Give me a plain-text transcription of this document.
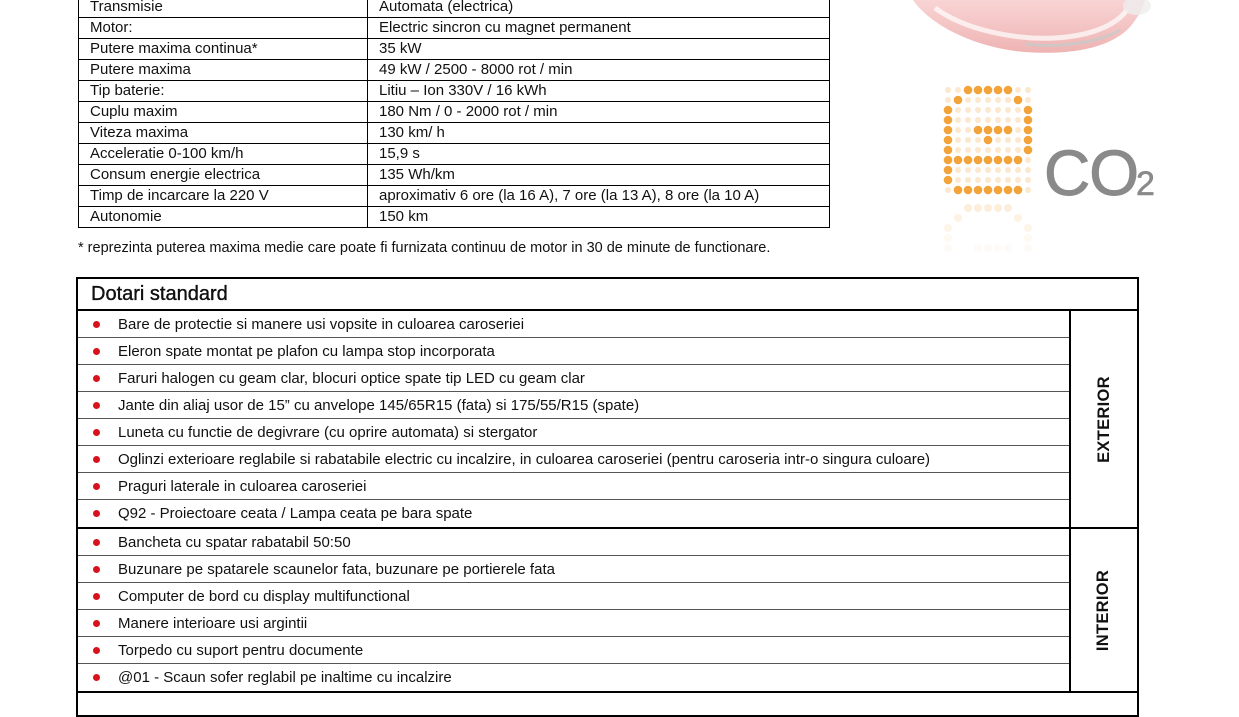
Transmisie	Automata (electrica)
Motor:	Electric sincron cu magnet permanent
Putere maxima continua*	35 kW
Putere maxima	49 kW / 2500 - 8000 rot / min
Tip baterie:	Litiu – Ion 330V / 16 kWh
Cuplu maxim	180 Nm / 0 - 2000 rot / min
Viteza maxima	130 km/ h
Acceleratie 0-100 km/h	15,9 s
Consum energie electrica	135 Wh/km
Timp de incarcare la 220 V	aproximativ 6 ore (la 16 A), 7 ore (la 13 A), 8 ore (la 10 A)
Autonomie	150 km
* reprezinta puterea maxima medie care poate fi furnizata continuu de motor in 30 de minute de functionare.
CO
2
Dotari standard
Bare de protectie si manere usi vopsite in culoarea caroseriei
Eleron spate montat pe plafon cu lampa stop incorporata
Faruri halogen cu geam clar, blocuri optice spate tip LED cu geam clar
Jante din aliaj usor de 15” cu anvelope 145/65R15 (fata) si 175/55/R15 (spate)
Luneta cu functie de degivrare (cu oprire automata) si stergator
Oglinzi exterioare reglabile si rabatabile electric cu incalzire, in culoarea caroseriei (pentru caroseria intr-o singura culoare)
Praguri laterale in culoarea caroseriei
Q92 - Proiectoare ceata / Lampa ceata pe bara spate
EXTERIOR
Bancheta cu spatar rabatabil 50:50
Buzunare pe spatarele scaunelor fata, buzunare pe portierele fata
Computer de bord cu display multifunctional
Manere interioare usi argintii
Torpedo cu suport pentru documente
@01 - Scaun sofer reglabil pe inaltime cu incalzire
INTERIOR
